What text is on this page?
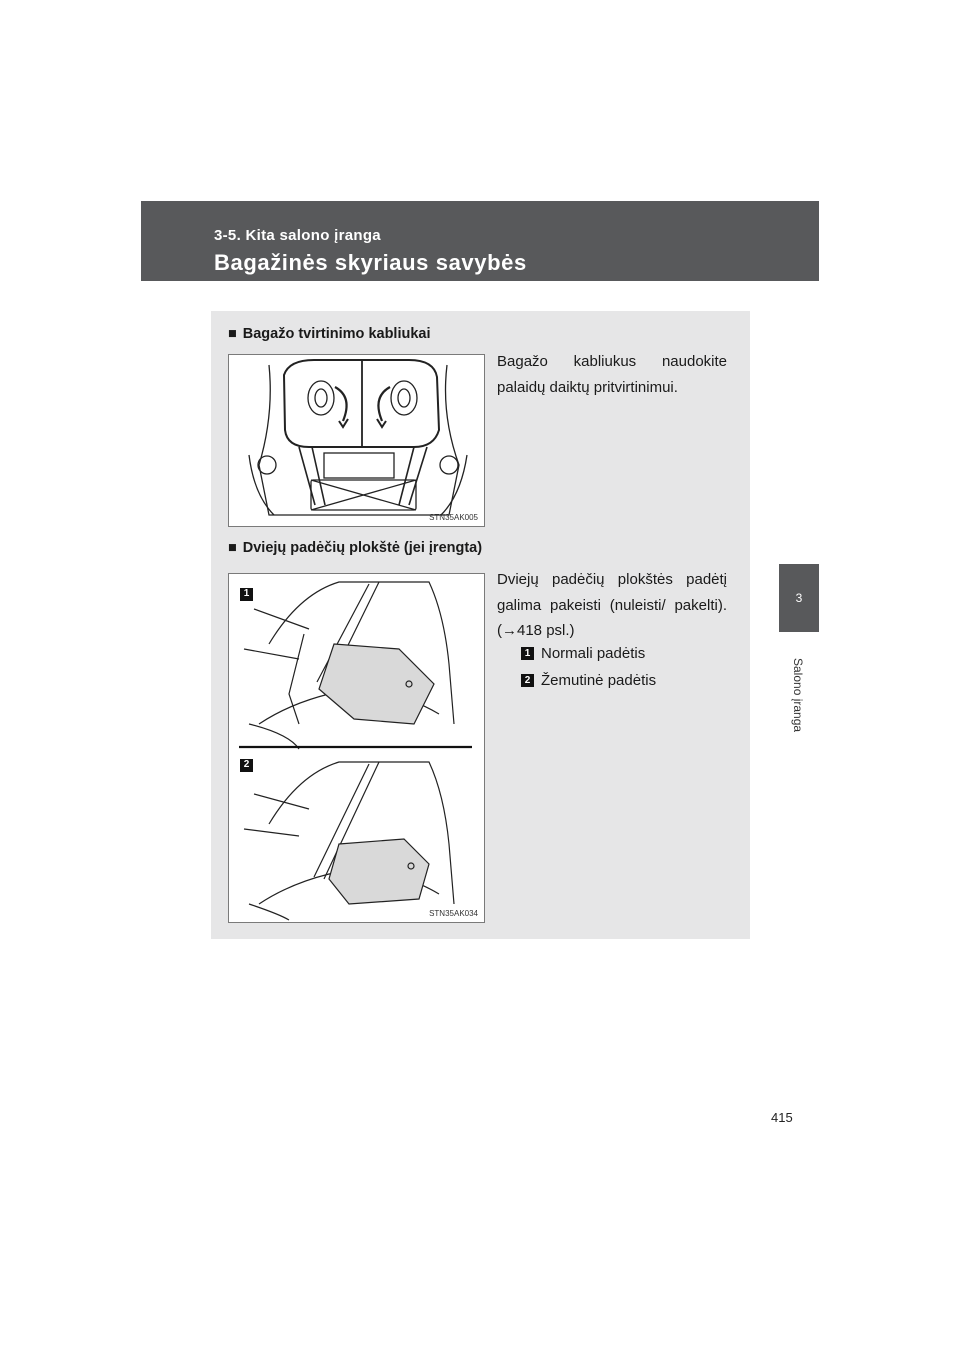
3-5. Kita salono įranga
Bagažinės skyriaus savybės
3
Salono įranga
■ Bagažo tvirtinimo kabliukai
STN35AK005
Bagažo kabliukus naudokite palaidų daiktų pritvirtinimui.
■ Dviejų padėčių plokštė (jei įrengta)
1
2
STN35AK034
Dviejų padėčių plokštės padėtį galima pakeisti (nuleisti/ pakelti). (→418 psl.)
1 Normali padėtis
2 Žemutinė padėtis
415
